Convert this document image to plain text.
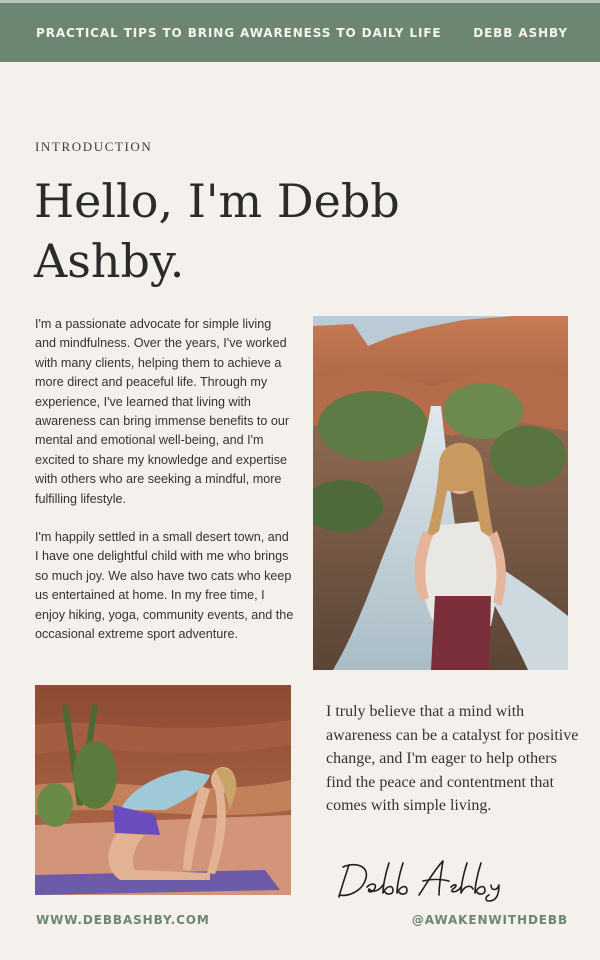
PRACTICAL TIPS TO BRING AWARENESS TO DAILY LIFE	DEBB ASHBY
INTRODUCTION
Hello, I'm Debb
Ashby.

I'm a passionate advocate for simple living and mindfulness. Over the years, I've worked with many clients, helping them to achieve a more direct and peaceful life. Through my experience, I've learned that living with awareness can bring immense benefits to our mental and emotional well-being, and I'm excited to share my knowledge and expertise with others who are seeking a mindful, more fulfilling lifestyle.

I'm happily settled in a small desert town, and I have one delightful child with me who brings so much joy. We also have two cats who keep us entertained at home. In my free time, I enjoy hiking, yoga, community events, and the occasional extreme sport adventure.

I truly believe that a mind with awareness can be a catalyst for positive change, and I'm eager to help others find the peace and contentment that comes with simple living.
WWW.DEBBASHBY.COM	@AWAKENWITHDEBB
